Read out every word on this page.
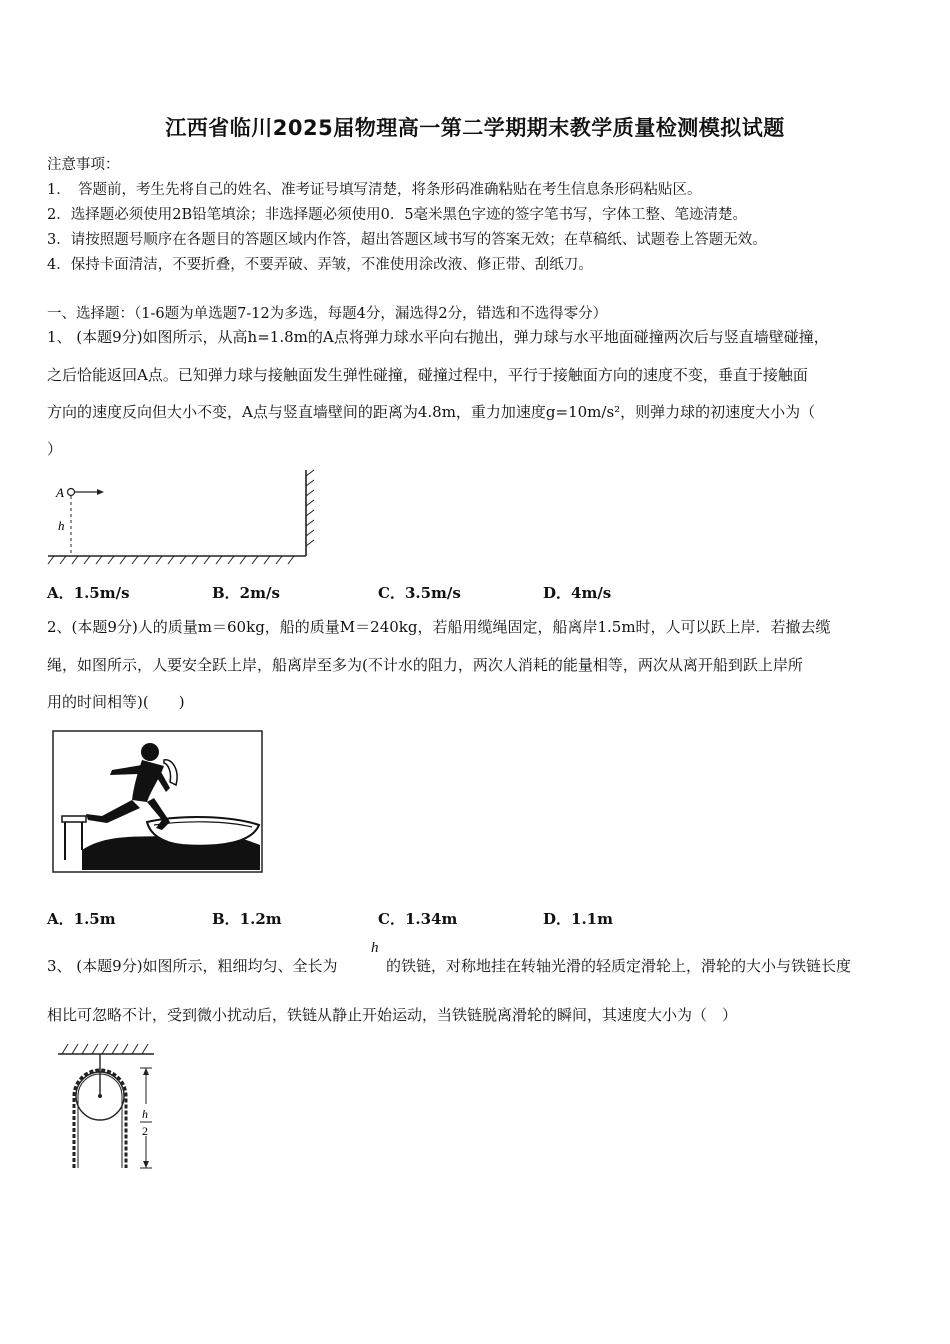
江西省临川2025届物理高一第二学期期末教学质量检测模拟试题
注意事项：
1．　答题前，考生先将自己的姓名、准考证号填写清楚，将条形码准确粘贴在考生信息条形码粘贴区。
2．选择题必须使用2B铅笔填涂；非选择题必须使用0．5毫米黑色字迹的签字笔书写，字体工整、笔迹清楚。
3．请按照题号顺序在各题目的答题区域内作答，超出答题区域书写的答案无效；在草稿纸、试题卷上答题无效。
4．保持卡面清洁，不要折叠，不要弄破、弄皱，不准使用涂改液、修正带、刮纸刀。
一、选择题：（1-6题为单选题7-12为多选，每题4分，漏选得2分，错选和不选得零分）
1、 (本题9分)如图所示，从高h=1.8m的A点将弹力球水平向右抛出，弹力球与水平地面碰撞两次后与竖直墙壁碰撞，
之后恰能返回A点。已知弹力球与接触面发生弹性碰撞，碰撞过程中，平行于接触面方向的速度不变，垂直于接触面
方向的速度反向但大小不变，A点与竖直墙壁间的距离为4.8m，重力加速度g=10m/s²，则弹力球的初速度大小为（
）
A
h
A．1.5m/s	B．2m/s	C．3.5m/s	D．4m/s
2、(本题9分)人的质量m＝60kg，船的质量M＝240kg，若船用缆绳固定，船离岸1.5m时，人可以跃上岸．若撤去缆
绳，如图所示，人要安全跃上岸，船离岸至多为(不计水的阻力，两次人消耗的能量相等，两次从离开船到跃上岸所
用的时间相等)(　　)
A．1.5m	B．1.2m	C．1.34m	D．1.1m
3、 (本题9分)如图所示，粗细均匀、全长为
h
的铁链，对称地挂在转轴光滑的轻质定滑轮上，滑轮的大小与铁链长度
相比可忽略不计，受到微小扰动后，铁链从静止开始运动，当铁链脱离滑轮的瞬间，其速度大小为（　）
h
2
